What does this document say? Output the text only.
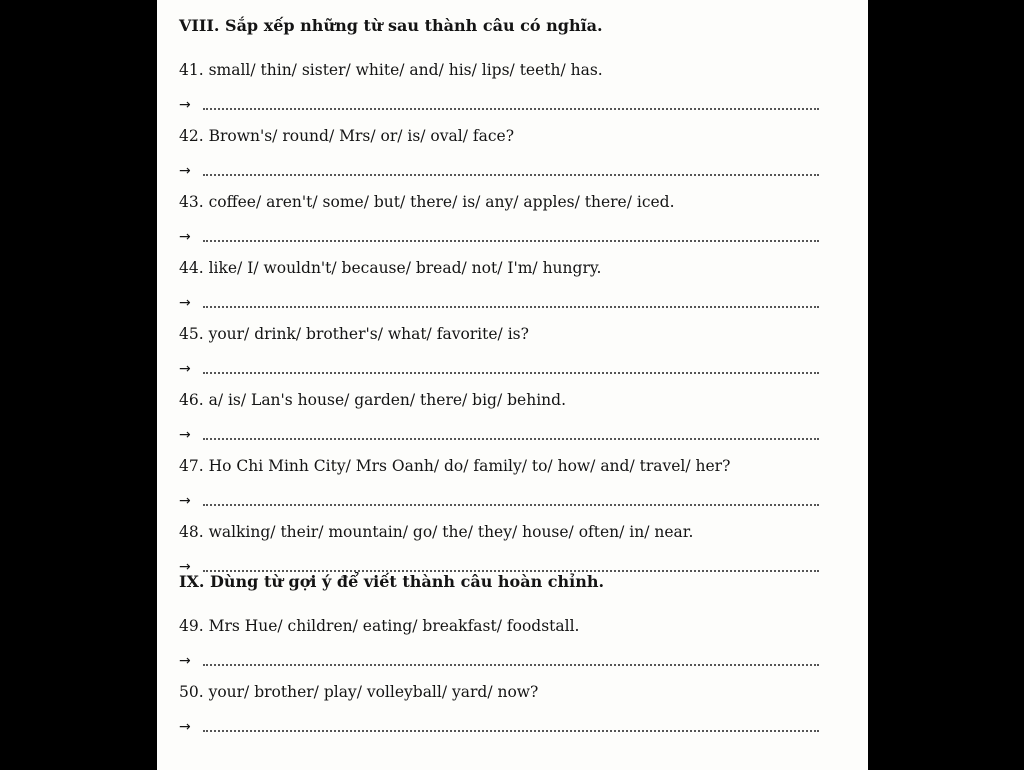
VIII. Sắp xếp những từ sau thành câu có nghĩa.
41. small/ thin/ sister/ white/ and/ his/ lips/ teeth/ has.
→
42. Brown's/ round/ Mrs/ or/ is/ oval/ face?
→
43. coffee/ aren't/ some/ but/ there/ is/ any/ apples/ there/ iced.
→
44. like/ I/ wouldn't/ because/ bread/ not/ I'm/ hungry.
→
45. your/ drink/ brother's/ what/ favorite/ is?
→
46. a/ is/ Lan's house/ garden/ there/ big/ behind.
→
47. Ho Chi Minh City/ Mrs Oanh/ do/ family/ to/ how/ and/ travel/ her?
→
48. walking/ their/ mountain/ go/ the/ they/ house/ often/ in/ near.
→
IX. Dùng từ gợi ý để viết thành câu hoàn chỉnh.
49. Mrs Hue/ children/ eating/ breakfast/ foodstall.
→
50. your/ brother/ play/ volleyball/ yard/ now?
→
